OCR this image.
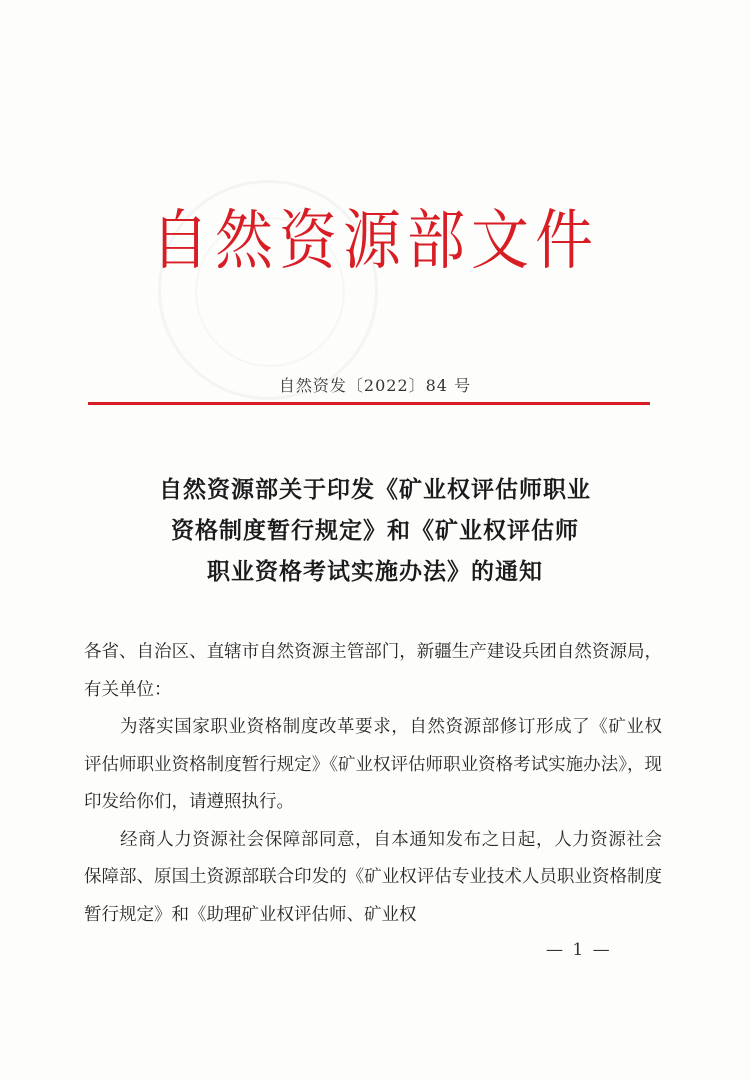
自然资源部文件
自然资发〔2022〕84 号
自然资源部关于印发《矿业权评估师职业
资格制度暂行规定》和《矿业权评估师
职业资格考试实施办法》的通知

各省、自治区、直辖市自然资源主管部门，新疆生产建设兵团自然资源局，有关单位：

为落实国家职业资格制度改革要求，自然资源部修订形成了《矿业权评估师职业资格制度暂行规定》《矿业权评估师职业资格考试实施办法》，现印发给你们，请遵照执行。

经商人力资源社会保障部同意，自本通知发布之日起，人力资源社会保障部、原国土资源部联合印发的《矿业权评估专业技术人员职业资格制度暂行规定》和《助理矿业权评估师、矿业权

— 1 —
